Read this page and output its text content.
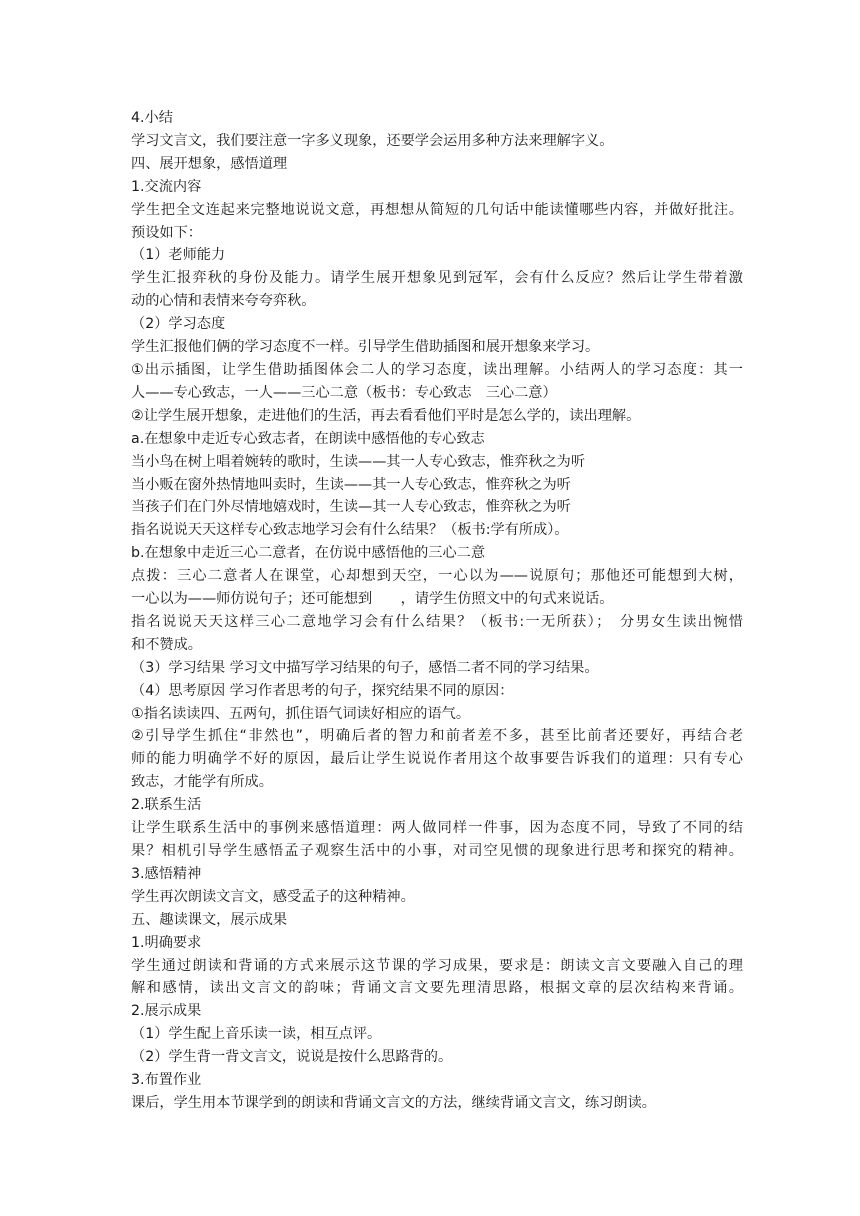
4.小结
学习文言文，我们要注意一字多义现象，还要学会运用多种方法来理解字义。
四、展开想象，感悟道理
1.交流内容
学生把全文连起来完整地说说文意，再想想从简短的几句话中能读懂哪些内容，并做好批注。
预设如下：
（1）老师能力
学生汇报弈秋的身份及能力。请学生展开想象见到冠军，会有什么反应？然后让学生带着激
动的心情和表情来夸夸弈秋。
（2）学习态度
学生汇报他们俩的学习态度不一样。引导学生借助插图和展开想象来学习。
①出示插图，让学生借助插图体会二人的学习态度，读出理解。小结两人的学习态度：其一
人——专心致志，一人——三心二意（板书：专心致志　三心二意）
②让学生展开想象，走进他们的生活，再去看看他们平时是怎么学的，读出理解。
a.在想象中走近专心致志者，在朗读中感悟他的专心致志
当小鸟在树上唱着婉转的歌时，生读——其一人专心致志，惟弈秋之为听
当小贩在窗外热情地叫卖时，生读——其一人专心致志，惟弈秋之为听
当孩子们在门外尽情地嬉戏时，生读—其一人专心致志，惟弈秋之为听
指名说说天天这样专心致志地学习会有什么结果？（板书:学有所成）。
b.在想象中走近三心二意者，在仿说中感悟他的三心二意
点拨：三心二意者人在课堂，心却想到天空，一心以为——说原句；那他还可能想到大树，
一心以为——师仿说句子；还可能想到　　，请学生仿照文中的句式来说话。
指名说说天天这样三心二意地学习会有什么结果？（板书:一无所获）；　分男女生读出惋惜
和不赞成。
（3）学习结果 学习文中描写学习结果的句子，感悟二者不同的学习结果。
（4）思考原因 学习作者思考的句子，探究结果不同的原因：
①指名读读四、五两句，抓住语气词读好相应的语气。
②引导学生抓住“非然也”，明确后者的智力和前者差不多，甚至比前者还要好，再结合老
师的能力明确学不好的原因，最后让学生说说作者用这个故事要告诉我们的道理：只有专心
致志，才能学有所成。
2.联系生活
让学生联系生活中的事例来感悟道理：两人做同样一件事，因为态度不同，导致了不同的结
果？相机引导学生感悟孟子观察生活中的小事，对司空见惯的现象进行思考和探究的精神。
3.感悟精神
学生再次朗读文言文，感受孟子的这种精神。
五、趣读课文，展示成果
1.明确要求
学生通过朗读和背诵的方式来展示这节课的学习成果，要求是：朗读文言文要融入自己的理
解和感情，读出文言文的韵味；背诵文言文要先理清思路，根据文章的层次结构来背诵。
2.展示成果
（1）学生配上音乐读一读，相互点评。
（2）学生背一背文言文，说说是按什么思路背的。
3.布置作业
课后，学生用本节课学到的朗读和背诵文言文的方法，继续背诵文言文，练习朗读。
